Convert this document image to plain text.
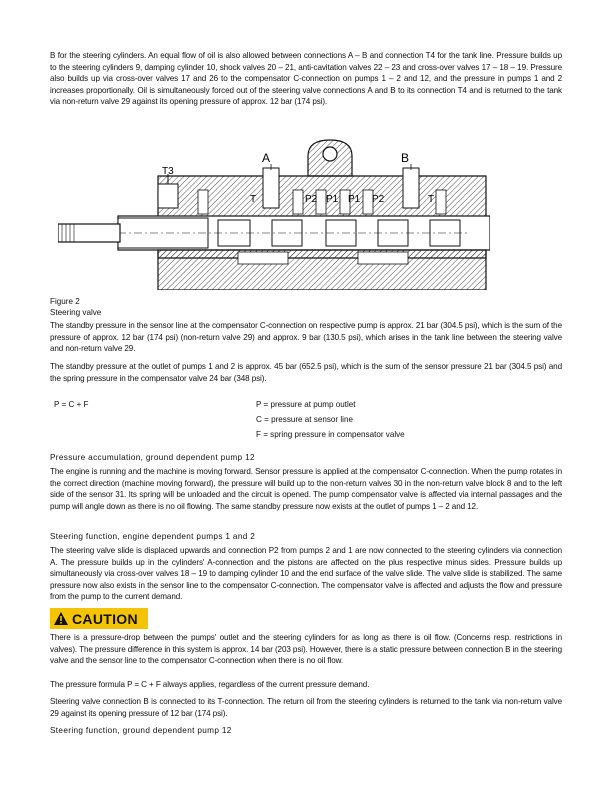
B for the steering cylinders. An equal flow of oil is also allowed between connections A – B and connection T4 for the tank line. Pressure builds up to the steering cylinders 9, damping cylinder 10, shock valves 20 – 21, anti-cavitation valves 22 – 23 and cross-over valves 17 – 18 – 19. Pressure also builds up via cross-over valves 17 and 26 to the compensator C-connection on pumps 1 – 2 and 12, and the pressure in pumps 1 and 2 increases proportionally. Oil is simultaneously forced out of the steering valve connections A and B to its connection T4 and is returned to the tank via non-return valve 29 against its opening pressure of approx. 12 bar (174 psi).

A	B
T3
T	P2 P1 P1 P2	T

Figure 2

Steering valve

The standby pressure in the sensor line at the compensator C-connection on respective pump is approx. 21 bar (304.5 psi), which is the sum of the pressure of approx. 12 bar (174 psi) (non-return valve 29) and approx. 9 bar (130.5 psi), which arises in the tank line between the steering valve and non-return valve 29.

The standby pressure at the outlet of pumps 1 and 2 is approx. 45 bar (652.5 psi), which is the sum of the sensor pressure 21 bar (304.5 psi) and the spring pressure in the compensator valve 24 bar (348 psi).

P = C + F	P = pressure at pump outlet
C = pressure at sensor line
F = spring pressure in compensator valve

Pressure accumulation, ground dependent pump 12

The engine is running and the machine is moving forward. Sensor pressure is applied at the compensator C-connection. When the pump rotates in the correct direction (machine moving forward), the pressure will build up to the non-return valves 30 in the non-return valve block 8 and to the left side of the sensor 31. Its spring will be unloaded and the circuit is opened. The pump compensator valve is affected via internal passages and the pump will angle down as there is no oil flowing. The same standby pressure now exists at the outlet of pumps 1 – 2 and 12.

Steering function, engine dependent pumps 1 and 2

The steering valve slide is displaced upwards and connection P2 from pumps 2 and 1 are now connected to the steering cylinders via connection A. The pressure builds up in the cylinders' A-connection and the pistons are affected on the plus respective minus sides. Pressure builds up simultaneously via cross-over valves 18 – 19 to damping cylinder 10 and the end surface of the valve slide. The valve slide is stabilized. The same pressure now also exists in the sensor line to the compensator C-connection. The compensator valve is affected and adjusts the flow and pressure from the pump to the current demand.

CAUTION

There is a pressure-drop between the pumps' outlet and the steering cylinders for as long as there is oil flow. (Concerns resp. restrictions in valves). The pressure difference in this system is approx. 14 bar (203 psi). However, there is a static pressure between connection B in the steering valve and the sensor line to the compensator C-connection when there is no oil flow.

The pressure formula P = C + F always applies, regardless of the current pressure demand.

Steering valve connection B is connected to its T-connection. The return oil from the steering cylinders is returned to the tank via non-return valve 29 against its opening pressure of 12 bar (174 psi).

Steering function, ground dependent pump 12
